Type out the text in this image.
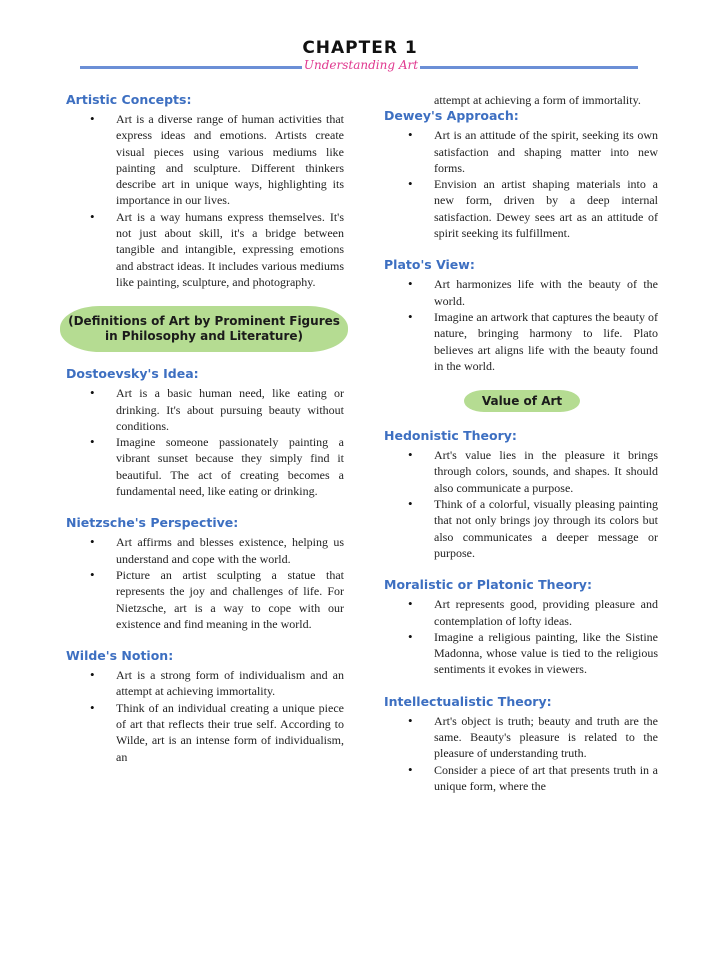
CHAPTER 1
Understanding Art
Artistic Concepts:
• Art is a diverse range of human activities that express ideas and emotions. Artists create visual pieces using various mediums like painting and sculpture. Different thinkers describe art in unique ways, highlighting its importance in our lives.
• Art is a way humans express themselves. It's not just about skill, it's a bridge between tangible and intangible, expressing emotions and abstract ideas. It includes various mediums like painting, sculpture, and photography.
(Definitions of Art by Prominent Figures in Philosophy and Literature)
Dostoevsky's Idea:
• Art is a basic human need, like eating or drinking. It's about pursuing beauty without conditions.
• Imagine someone passionately painting a vibrant sunset because they simply find it beautiful. The act of creating becomes a fundamental need, like eating or drinking.
Nietzsche's Perspective:
• Art affirms and blesses existence, helping us understand and cope with the world.
• Picture an artist sculpting a statue that represents the joy and challenges of life. For Nietzsche, art is a way to cope with our existence and find meaning in the world.
Wilde's Notion:
• Art is a strong form of individualism and an attempt at achieving immortality.
• Think of an individual creating a unique piece of art that reflects their true self. According to Wilde, art is an intense form of individualism, an

attempt at achieving a form of immortality.

Dewey's Approach:
• Art is an attitude of the spirit, seeking its own satisfaction and shaping matter into new forms.
• Envision an artist shaping materials into a new form, driven by a deep internal satisfaction. Dewey sees art as an attitude of spirit seeking its fulfillment.
Plato's View:
• Art harmonizes life with the beauty of the world.
• Imagine an artwork that captures the beauty of nature, bringing harmony to life. Plato believes art aligns life with the beauty found in the world.
Value of Art
Hedonistic Theory:
• Art's value lies in the pleasure it brings through colors, sounds, and shapes. It should also communicate a purpose.
• Think of a colorful, visually pleasing painting that not only brings joy through its colors but also communicates a deeper message or purpose.
Moralistic or Platonic Theory:
• Art represents good, providing pleasure and contemplation of lofty ideas.
• Imagine a religious painting, like the Sistine Madonna, whose value is tied to the religious sentiments it evokes in viewers.
Intellectualistic Theory:
• Art's object is truth; beauty and truth are the same. Beauty's pleasure is related to the pleasure of understanding truth.
• Consider a piece of art that presents truth in a unique form, where the
